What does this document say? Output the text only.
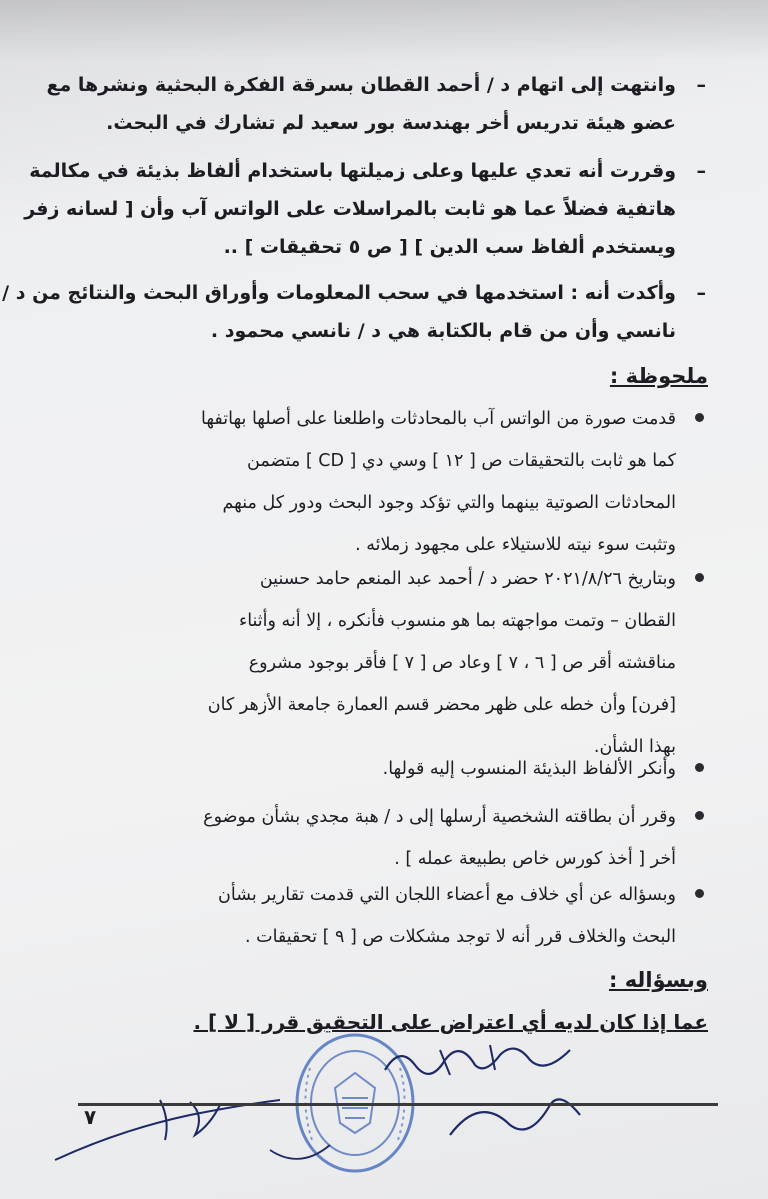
–
وانتهت إلى اتهام د / أحمد القطان بسرقة الفكرة البحثية ونشرها مع
عضو هيئة تدريس أخر بهندسة بور سعيد لم تشارك في البحث.
–
وقررت أنه تعدي عليها وعلى زميلتها باستخدام ألفاظ بذيئة في مكالمة
هاتفية فضلاً عما هو ثابت بالمراسلات على الواتس آب وأن [ لسانه زفر
ويستخدم ألفاظ سب الدين ] [ ص ٥ تحقيقات ] ..
–
وأكدت أنه : استخدمها في سحب المعلومات وأوراق البحث والنتائج من د /
نانسي وأن من قام بالكتابة هي د / نانسي محمود .
ملحوظة :
قدمت صورة من الواتس آب بالمحادثات واطلعنا على أصلها بهاتفها
كما هو ثابت بالتحقيقات ص [ ١٢ ] وسي دي [ CD ] متضمن
المحادثات الصوتية بينهما والتي تؤكد وجود البحث ودور كل منهم
وتثبت سوء نيته للاستيلاء على مجهود زملائه .
وبتاريخ ٢٠٢١/٨/٢٦ حضر د / أحمد عبد المنعم حامد حسنين
القطان – وتمت مواجهته بما هو منسوب فأنكره ، إلا أنه وأثناء
مناقشته أقر ص [ ٦ ، ٧ ] وعاد ص [ ٧ ] فأقر بوجود مشروع
[فرن] وأن خطه على ظهر محضر قسم العمارة جامعة الأزهر كان
بهذا الشأن.
وأنكر الألفاظ البذيئة المنسوب إليه قولها.
وقرر أن بطاقته الشخصية أرسلها إلى د / هبة مجدي بشأن موضوع
أخر [ أخذ كورس خاص بطبيعة عمله ] .
وبسؤاله عن أي خلاف مع أعضاء اللجان التي قدمت تقارير بشأن
البحث والخلاف قرر أنه لا توجد مشكلات ص [ ٩ ] تحقيقات .
وبسؤاله :
عما إذا كان لديه أي اعتراض على التحقيق قرر [ لا ] .
٧
